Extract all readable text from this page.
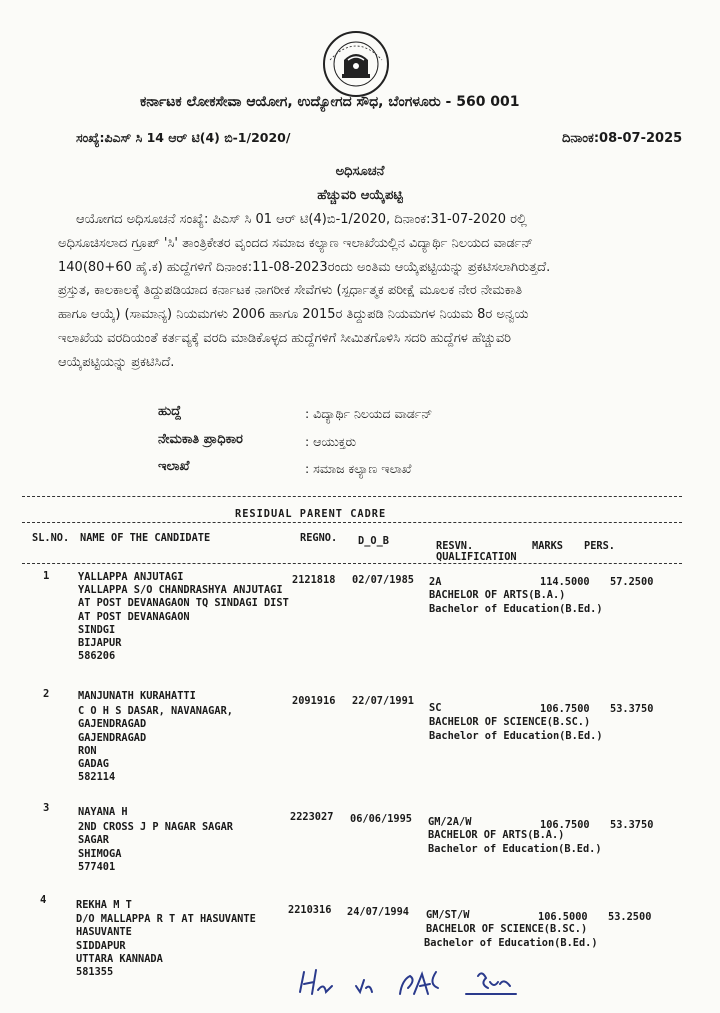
ಕರ್ನಾಟಕ ಲೋಕಸೇವಾ ಆಯೋಗ, ಉದ್ಯೋಗದ ಸೌಧ, ಬೆಂಗಳೂರು - 560 001
ಸಂಖ್ಯೆ:ಪಿಎಸ್ ಸಿ 14 ಆರ್ ಟಿ(4) ಬಿ-1/2020/	ದಿನಾಂಕ:08-07-2025
ಅಧಿಸೂಚನೆ
ಹೆಚ್ಚುವರಿ ಆಯ್ಕೆಪಟ್ಟಿ
ಆಯೋಗದ ಅಧಿಸೂಚನೆ ಸಂಖ್ಯೆ: ಪಿಎಸ್ ಸಿ 01 ಆರ್ ಟಿ(4)ಬಿ-1/2020, ದಿನಾಂಕ:31-07-2020 ರಲ್ಲಿ
ಅಧಿಸೂಚಿಸಲಾದ ಗ್ರೂಪ್ 'ಸಿ' ತಾಂತ್ರಿಕೇತರ ವೃಂದದ ಸಮಾಜ ಕಲ್ಯಾಣ ಇಲಾಖೆಯಲ್ಲಿನ ವಿದ್ಯಾರ್ಥಿ ನಿಲಯದ ವಾರ್ಡನ್
140(80+60 ಹೈ.ಕ) ಹುದ್ದೆಗಳಿಗೆ ದಿನಾಂಕ:11-08-2023ರಂದು ಅಂತಿಮ ಆಯ್ಕೆಪಟ್ಟಿಯನ್ನು ಪ್ರಕಟಿಸಲಾಗಿರುತ್ತದೆ.
ಪ್ರಸ್ತುತ, ಕಾಲಕಾಲಕ್ಕೆ ತಿದ್ದುಪಡಿಯಾದ ಕರ್ನಾಟಕ ನಾಗರೀಕ ಸೇವೆಗಳು (ಸ್ಪರ್ಧಾತ್ಮಕ ಪರೀಕ್ಷೆ ಮೂಲಕ ನೇರ ನೇಮಕಾತಿ
ಹಾಗೂ ಆಯ್ಕೆ) (ಸಾಮಾನ್ಯ) ನಿಯಮಗಳು 2006 ಹಾಗೂ 2015ರ ತಿದ್ದುಪಡಿ ನಿಯಮಗಳ ನಿಯಮ 8ರ ಅನ್ವಯ
ಇಲಾಖೆಯ ವರದಿಯಂತೆ ಕರ್ತವ್ಯಕ್ಕೆ ವರದಿ ಮಾಡಿಕೊಳ್ಳದ ಹುದ್ದೆಗಳಿಗೆ ಸೀಮಿತಗೊಳಿಸಿ ಸದರಿ ಹುದ್ದೆಗಳ ಹೆಚ್ಚುವರಿ
ಆಯ್ಕೆಪಟ್ಟಿಯನ್ನು ಪ್ರಕಟಿಸಿದೆ.
ಹುದ್ದೆ	: ವಿದ್ಯಾರ್ಥಿ ನಿಲಯದ ವಾರ್ಡನ್
ನೇಮಕಾತಿ ಪ್ರಾಧಿಕಾರ	: ಆಯುಕ್ತರು
ಇಲಾಖೆ	: ಸಮಾಜ ಕಲ್ಯಾಣ ಇಲಾಖೆ
RESIDUAL PARENT CADRE
SL.NO. NAME OF THE CANDIDATE	REGNO. D_O_B	RESVN.	MARKS PERS.
QUALIFICATION
1	YALLAPPA ANJUTAGI
YALLAPPA S/O CHANDRASHYA ANJUTAGI
AT POST DEVANAGAON TQ SINDAGI DIST
AT POST DEVANAGAON
SINDGI
BIJAPUR
586206
2121818 02/07/1985 2A	114.5000 57.2500
BACHELOR OF ARTS(B.A.)
Bachelor of Education(B.Ed.)
2	MANJUNATH KURAHATTI
C O H S DASAR, NAVANAGAR,
GAJENDRAGAD
GAJENDRAGAD
RON
GADAG
582114
2091916 22/07/1991
SC	106.7500 53.3750
BACHELOR OF SCIENCE(B.SC.)
Bachelor of Education(B.Ed.)
3	NAYANA H
2ND CROSS J P NAGAR SAGAR
SAGAR
SHIMOGA
577401
2223027 06/06/1995 GM/2A/W	106.7500 53.3750
BACHELOR OF ARTS(B.A.)
Bachelor of Education(B.Ed.)
4	REKHA M T
D/O MALLAPPA R T AT HASUVANTE
HASUVANTE
SIDDAPUR
UTTARA KANNADA
581355
2210316 24/07/1994 GM/ST/W	106.5000 53.2500
BACHELOR OF SCIENCE(B.SC.)
Bachelor of Education(B.Ed.)
